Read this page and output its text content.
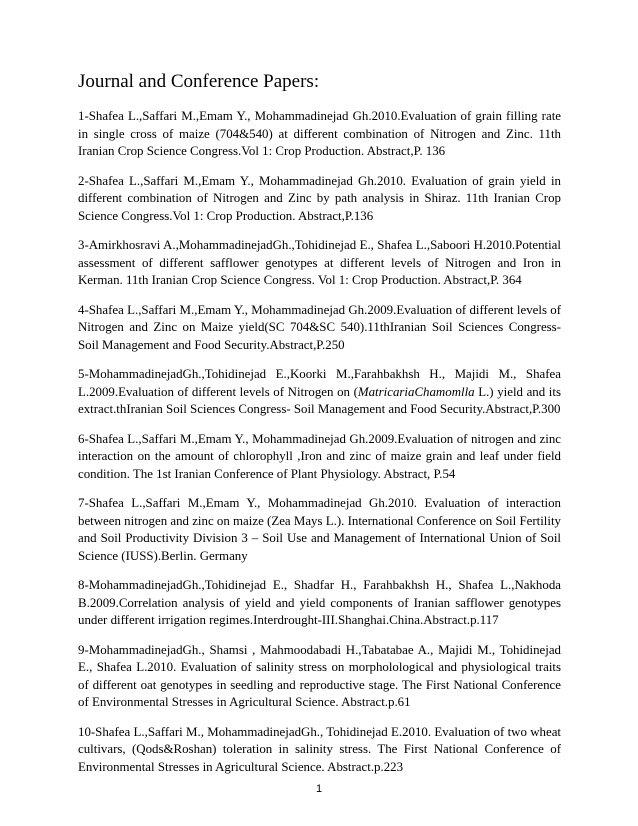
Journal and Conference Papers:

1-Shafea L.,Saffari M.,Emam Y., Mohammadinejad Gh.2010.Evaluation of grain filling rate in single cross of maize (704&540) at different combination of Nitrogen and Zinc. 11th Iranian Crop Science Congress.Vol 1: Crop Production. Abstract,P. 136

2-Shafea L.,Saffari M.,Emam Y., Mohammadinejad Gh.2010. Evaluation of grain yield in different combination of Nitrogen and Zinc by path analysis in Shiraz. 11th Iranian Crop Science Congress.Vol 1: Crop Production. Abstract,P.136

3-Amirkhosravi A.,MohammadinejadGh.,Tohidinejad E., Shafea L.,Saboori H.2010.Potential assessment of different safflower genotypes at different levels of Nitrogen and Iron in Kerman. 11th Iranian Crop Science Congress. Vol 1: Crop Production. Abstract,P. 364

4-Shafea L.,Saffari M.,Emam Y., Mohammadinejad Gh.2009.Evaluation of different levels of Nitrogen and Zinc on Maize yield(SC 704&SC 540).11thIranian Soil Sciences Congress- Soil Management and Food Security.Abstract,P.250

5-MohammadinejadGh.,Tohidinejad E.,Koorki M.,Farahbakhsh H., Majidi M., Shafea L.2009.Evaluation of different levels of Nitrogen on (MatricariaChamomlla L.) yield and its extract.thIranian Soil Sciences Congress- Soil Management and Food Security.Abstract,P.300

6-Shafea L.,Saffari M.,Emam Y., Mohammadinejad Gh.2009.Evaluation of nitrogen and zinc interaction on the amount of chlorophyll ,Iron and zinc of maize grain and leaf under field condition. The 1st Iranian Conference of Plant Physiology. Abstract, P.54

7-Shafea L.,Saffari M.,Emam Y., Mohammadinejad Gh.2010. Evaluation of interaction between nitrogen and zinc on maize (Zea Mays L.). International Conference on Soil Fertility and Soil Productivity Division 3 – Soil Use and Management of International Union of Soil Science (IUSS).Berlin. Germany

8-MohammadinejadGh.,Tohidinejad E., Shadfar H., Farahbakhsh H., Shafea L.,Nakhoda B.2009.Correlation analysis of yield and yield components of Iranian safflower genotypes under different irrigation regimes.Interdrought-III.Shanghai.China.Abstract.p.117

9-MohammadinejadGh., Shamsi , Mahmoodabadi H.,Tabatabae A., Majidi M., Tohidinejad E., Shafea L.2010. Evaluation of salinity stress on morpholological and physiological traits of different oat genotypes in seedling and reproductive stage. The First National Conference of Environmental Stresses in Agricultural Science. Abstract.p.61

10-Shafea L.,Saffari M., MohammadinejadGh., Tohidinejad E.2010. Evaluation of two wheat cultivars, (Qods&Roshan) toleration in salinity stress. The First National Conference of Environmental Stresses in Agricultural Science. Abstract.p.223

1
